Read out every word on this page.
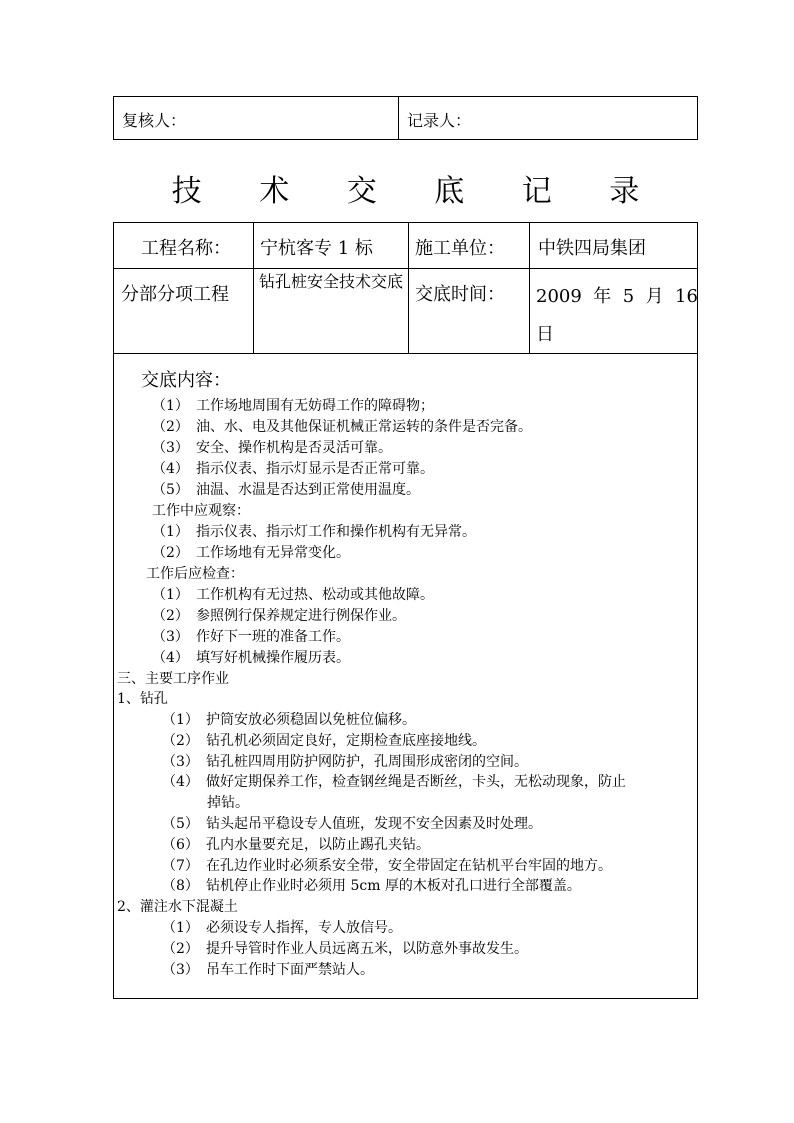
复核人：	记录人：
技 术 交 底 记 录
工程名称： 宁杭客专 1 标 施工单位： 中铁四局集团
分部分项工程
钻孔桩安全技术交底
交底时间： 2009  年  5  月  16
日
交底内容：
（1） 工作场地周围有无妨碍工作的障碍物；
（2） 油、水、电及其他保证机械正常运转的条件是否完备。
（3） 安全、操作机构是否灵活可靠。
（4） 指示仪表、指示灯显示是否正常可靠。
（5） 油温、水温是否达到正常使用温度。
工作中应观察：
（1） 指示仪表、指示灯工作和操作机构有无异常。
（2） 工作场地有无异常变化。
工作后应检查：
（1） 工作机构有无过热、松动或其他故障。
（2） 参照例行保养规定进行例保作业。
（3） 作好下一班的准备工作。
（4） 填写好机械操作履历表。
三、主要工序作业
1、钻孔
（1） 护筒安放必须稳固以免桩位偏移。
（2） 钻孔机必须固定良好，定期检查底座接地线。
（3） 钻孔桩四周用防护网防护，孔周围形成密闭的空间。
（4） 做好定期保养工作，检查钢丝绳是否断丝，卡头，无松动现象，防止
掉钻。
（5） 钻头起吊平稳设专人值班，发现不安全因素及时处理。
（6） 孔内水量要充足，以防止踢孔夹钻。
（7） 在孔边作业时必须系安全带，安全带固定在钻机平台牢固的地方。
（8） 钻机停止作业时必须用 5cm 厚的木板对孔口进行全部覆盖。
2、灌注水下混凝土
（1） 必须设专人指挥，专人放信号。
（2） 提升导管时作业人员远离五米，以防意外事故发生。
（3） 吊车工作时下面严禁站人。
